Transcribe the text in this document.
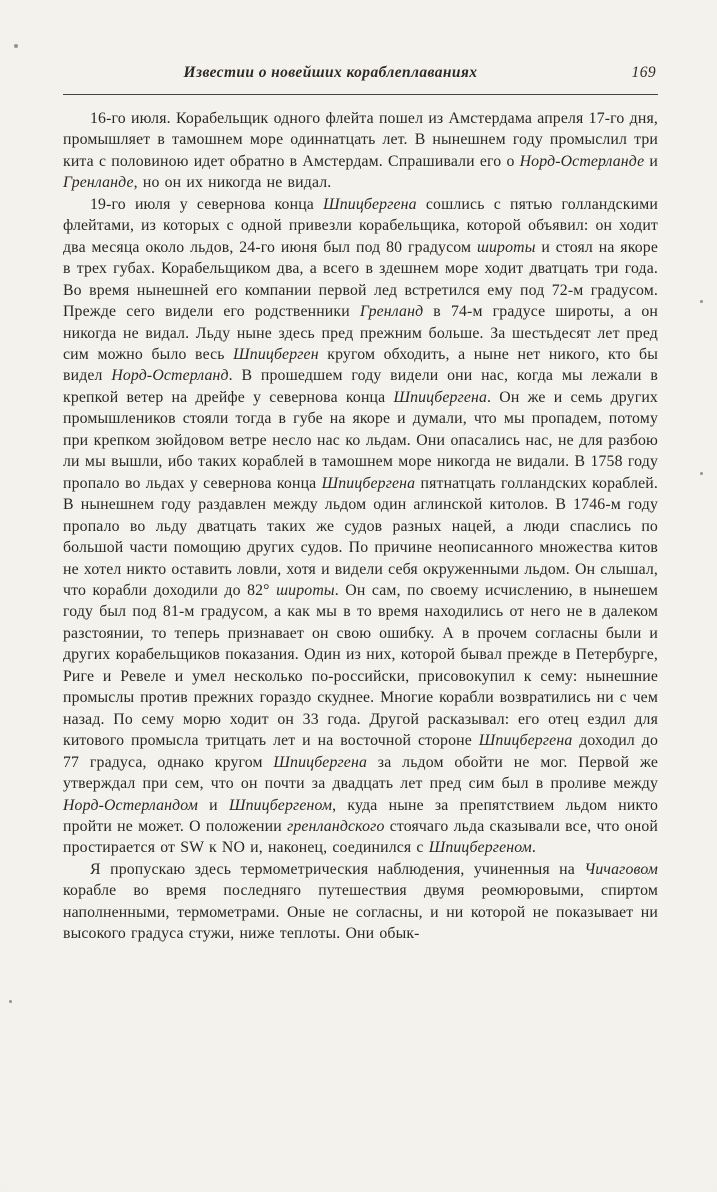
Известии о новейших кораблеплаваниях	169

16-го июля. Корабельщик одного флейта пошел из Амстердама апреля 17-го дня, промышляет в тамошнем море одиннатцать лет. В нынешнем году промыслил три кита с половиною идет обратно в Амстердам. Спрашивали его о Норд-Остерланде и Гренланде, но он их никогда не видал.

19-го июля у севернова конца Шпицбергена сошлись с пятью голландскими флейтами, из которых с одной привезли корабельщика, которой объявил: он ходит два месяца около льдов, 24-го июня был под 80 градусом широты и стоял на якоре в трех губах. Корабельщиком два, а всего в здешнем море ходит дватцать три года. Во время нынешней его компании первой лед встретился ему под 72-м градусом. Прежде сего видели его родственники Гренланд в 74-м градусе широты, а он никогда не видал. Льду ныне здесь пред прежним больше. За шестьдесят лет пред сим можно было весь Шпицберген кругом обходить, а ныне нет никого, кто бы видел Норд-Остерланд. В прошедшем году видели они нас, когда мы лежали в крепкой ветер на дрейфе у севернова конца Шпицбергена. Он же и семь других промышлеников стояли тогда в губе на якоре и думали, что мы пропадем, потому при крепком зюйдовом ветре несло нас ко льдам. Они опасались нас, не для разбою ли мы вышли, ибо таких кораблей в тамошнем море никогда не видали. В 1758 году пропало во льдах у севернова конца Шпицбергена пятнатцать голландских кораблей. В нынешнем году раздавлен между льдом один аглинской китолов. В 1746-м году пропало во льду дватцать таких же судов разных нацей, а люди спаслись по большой части помощию других судов. По причине неописанного множества китов не хотел никто оставить ловли, хотя и видели себя окруженными льдом. Он слышал, что корабли доходили до 82° широты. Он сам, по своему исчислению, в нынешем году был под 81-м градусом, а как мы в то время находились от него не в далеком разстоянии, то теперь признавает он свою ошибку. А в прочем согласны были и других корабельщиков показания. Один из них, которой бывал прежде в Петербурге, Риге и Ревеле и умел несколько по-российски, присовокупил к сему: нынешние промыслы против прежних гораздо скуднее. Многие корабли возвратились ни с чем назад. По сему морю ходит он 33 года. Другой расказывал: его отец ездил для китового промысла тритцать лет и на восточной стороне Шпицбергена доходил до 77 градуса, однако кругом Шпицбергена за льдом обойти не мог. Первой же утверждал при сем, что он почти за двадцать лет пред сим был в проливе между Норд-Остерландом и Шпицбергеном, куда ныне за препятствием льдом никто пройти не может. О положении гренландского стоячаго льда сказывали все, что оной простирается от SW к NO и, наконец, соединился с Шпицбергеном.

Я пропускаю здесь термометрическия наблюдения, учиненныя на Чичаговом корабле во время последняго путешествия двумя реомюровыми, спиртом наполненными, термометрами. Оные не согласны, и ни которой не показывает ни высокого градуса стужи, ниже теплоты. Они обык-
